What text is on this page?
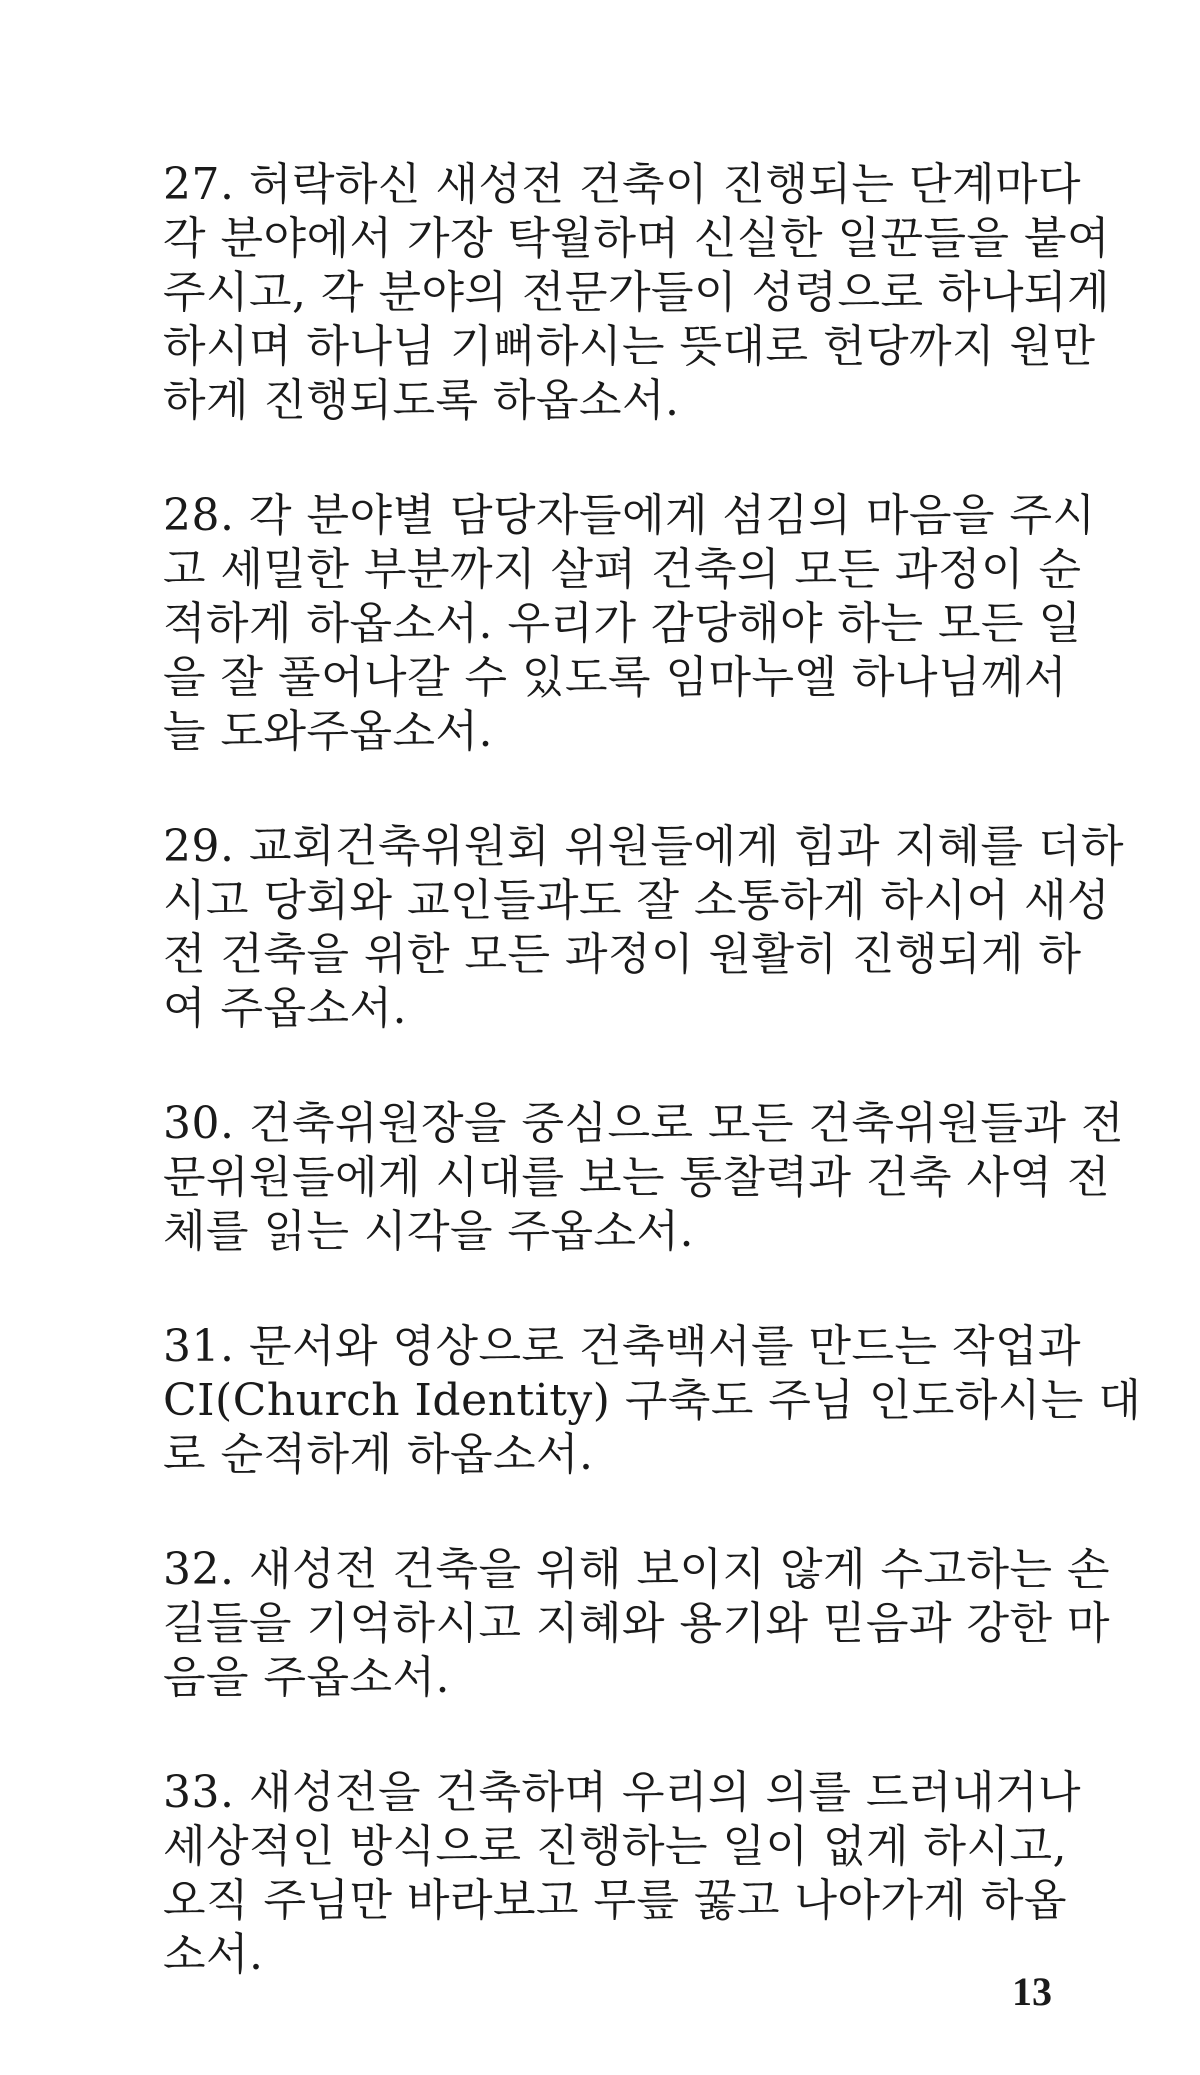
27. 허락하신 새성전 건축이 진행되는 단계마다
각 분야에서 가장 탁월하며 신실한 일꾼들을 붙여
주시고, 각 분야의 전문가들이 성령으로 하나되게
하시며 하나님 기뻐하시는 뜻대로 헌당까지 원만
하게 진행되도록 하옵소서.
28. 각 분야별 담당자들에게 섬김의 마음을 주시
고 세밀한 부분까지 살펴 건축의 모든 과정이 순
적하게 하옵소서. 우리가 감당해야 하는 모든 일
을 잘 풀어나갈 수 있도록 임마누엘 하나님께서
늘 도와주옵소서.
29. 교회건축위원회 위원들에게 힘과 지혜를 더하
시고 당회와 교인들과도 잘 소통하게 하시어 새성
전 건축을 위한 모든 과정이 원활히 진행되게 하
여 주옵소서.
30. 건축위원장을 중심으로 모든 건축위원들과 전
문위원들에게 시대를 보는 통찰력과 건축 사역 전
체를 읽는 시각을 주옵소서.
31. 문서와 영상으로 건축백서를 만드는 작업과
CI(Church Identity) 구축도 주님 인도하시는 대
로 순적하게 하옵소서.
32. 새성전 건축을 위해 보이지 않게 수고하는 손
길들을 기억하시고 지혜와 용기와 믿음과 강한 마
음을 주옵소서.
33. 새성전을 건축하며 우리의 의를 드러내거나
세상적인 방식으로 진행하는 일이 없게 하시고,
오직 주님만 바라보고 무릎 꿇고 나아가게 하옵
소서.
13
